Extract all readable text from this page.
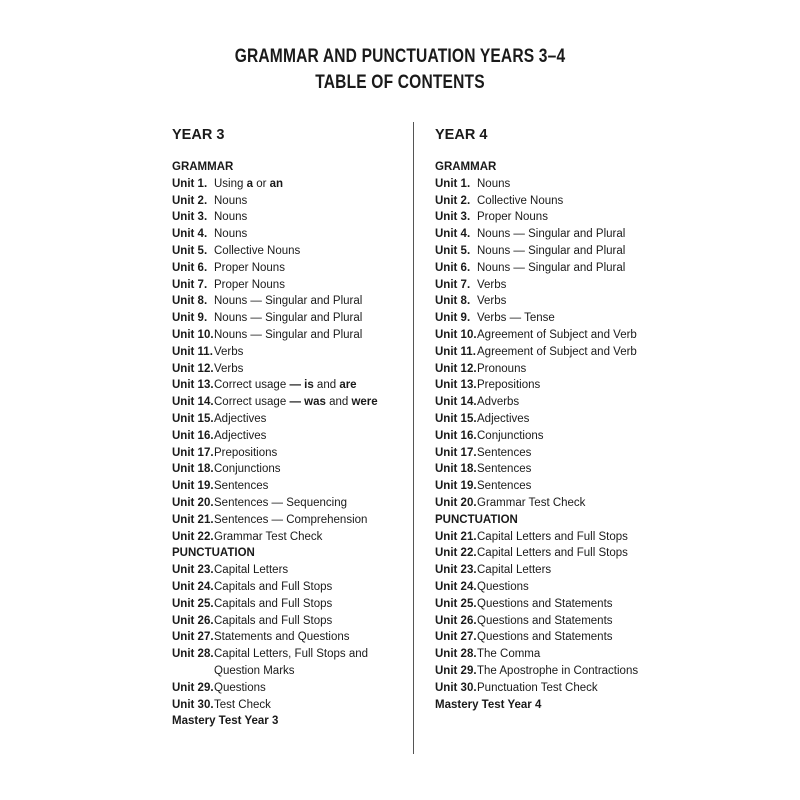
GRAMMAR AND PUNCTUATION YEARS 3–4
TABLE OF CONTENTS
YEAR 3
GRAMMAR
Unit 1. Using a or an
Unit 2. Nouns
Unit 3. Nouns
Unit 4. Nouns
Unit 5. Collective Nouns
Unit 6. Proper Nouns
Unit 7. Proper Nouns
Unit 8. Nouns — Singular and Plural
Unit 9. Nouns — Singular and Plural
Unit 10. Nouns — Singular and Plural
Unit 11. Verbs
Unit 12. Verbs
Unit 13. Correct usage — is and are
Unit 14. Correct usage — was and were
Unit 15. Adjectives
Unit 16. Adjectives
Unit 17. Prepositions
Unit 18. Conjunctions
Unit 19. Sentences
Unit 20. Sentences — Sequencing
Unit 21. Sentences — Comprehension
Unit 22. Grammar Test Check
PUNCTUATION
Unit 23. Capital Letters
Unit 24. Capitals and Full Stops
Unit 25. Capitals and Full Stops
Unit 26. Capitals and Full Stops
Unit 27. Statements and Questions
Unit 28. Capital Letters, Full Stops and Question Marks
Unit 29. Questions
Unit 30. Test Check
Mastery Test Year 3
YEAR 4
GRAMMAR
Unit 1. Nouns
Unit 2. Collective Nouns
Unit 3. Proper Nouns
Unit 4. Nouns — Singular and Plural
Unit 5. Nouns — Singular and Plural
Unit 6. Nouns — Singular and Plural
Unit 7. Verbs
Unit 8. Verbs
Unit 9. Verbs — Tense
Unit 10. Agreement of Subject and Verb
Unit 11. Agreement of Subject and Verb
Unit 12. Pronouns
Unit 13. Prepositions
Unit 14. Adverbs
Unit 15. Adjectives
Unit 16. Conjunctions
Unit 17. Sentences
Unit 18. Sentences
Unit 19. Sentences
Unit 20. Grammar Test Check
PUNCTUATION
Unit 21. Capital Letters and Full Stops
Unit 22. Capital Letters and Full Stops
Unit 23. Capital Letters
Unit 24. Questions
Unit 25. Questions and Statements
Unit 26. Questions and Statements
Unit 27. Questions and Statements
Unit 28. The Comma
Unit 29. The Apostrophe in Contractions
Unit 30. Punctuation Test Check
Mastery Test Year 4
